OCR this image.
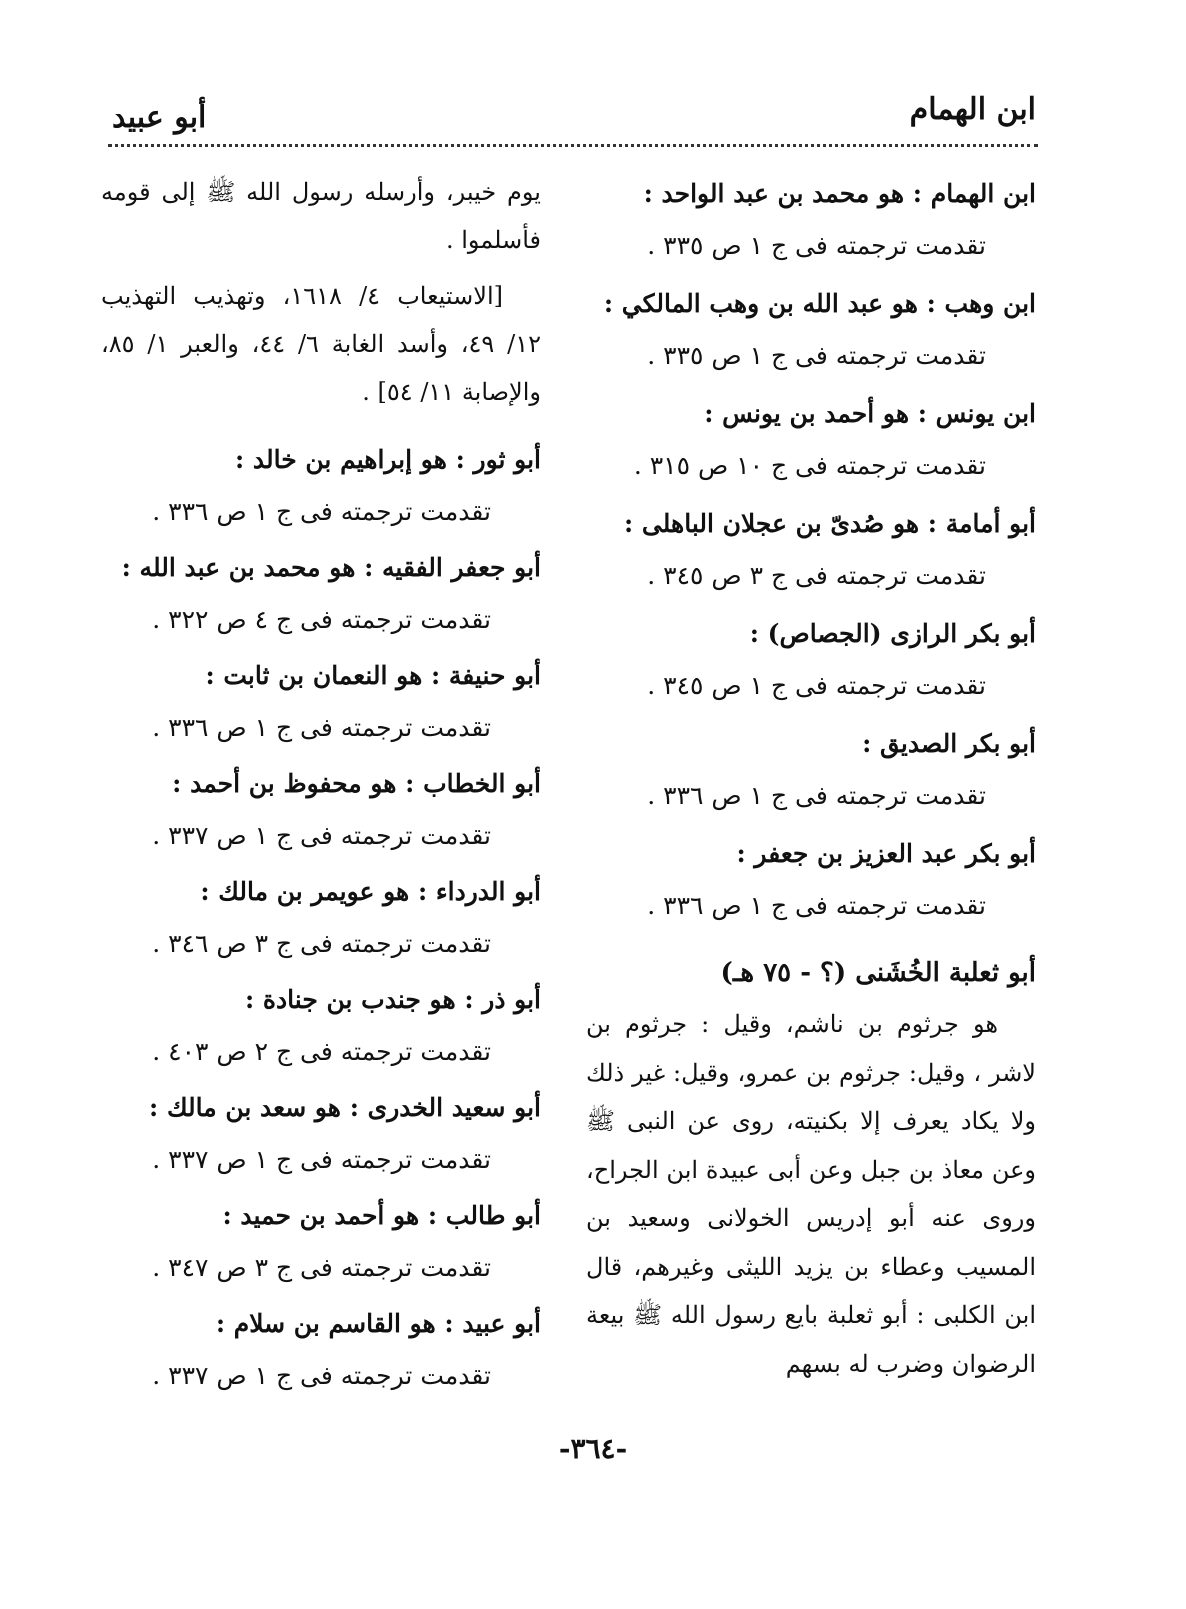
ابن الهمام
أبو عبيد
ابن الهمام : هو محمد بن عبد الواحد :
تقدمت ترجمته فى ج ١ ص ٣٣٥ .
ابن وهب : هو عبد الله بن وهب المالكي :
تقدمت ترجمته فى ج ١ ص ٣٣٥ .
ابن يونس : هو أحمد بن يونس :
تقدمت ترجمته فى ج ١٠ ص ٣١٥ .
أبو أمامة : هو صُدىّ بن عجلان الباهلى :
تقدمت ترجمته فى ج ٣ ص ٣٤٥ .
أبو بكر الرازى (الجصاص) :
تقدمت ترجمته فى ج ١ ص ٣٤٥ .
أبو بكر الصديق :
تقدمت ترجمته فى ج ١ ص ٣٣٦ .
أبو بكر عبد العزيز بن جعفر :
تقدمت ترجمته فى ج ١ ص ٣٣٦ .
أبو ثعلبة الخُشَنى (؟ - ٧٥ هـ)

هو جرثوم بن ناشم، وقيل : جرثوم بن لاشر ، وقيل: جرثوم بن عمرو، وقيل: غير ذلك ولا يكاد يعرف إلا بكنيته، روى عن النبى ﷺ وعن معاذ بن جبل وعن أبى عبيدة ابن الجراح، وروى عنه أبو إدريس الخولانى وسعيد بن المسيب وعطاء بن يزيد الليثى وغيرهم، قال ابن الكلبى : أبو ثعلبة بايع رسول الله ﷺ بيعة الرضوان وضرب له بسهم

يوم خيبر، وأرسله رسول الله ﷺ إلى قومه فأسلموا .

[الاستيعاب ٤/ ١٦١٨، وتهذيب التهذيب ١٢/ ٤٩، وأسد الغابة ٦/ ٤٤، والعبر ١/ ٨٥، والإصابة ١١/ ٥٤] .

أبو ثور : هو إبراهيم بن خالد :
تقدمت ترجمته فى ج ١ ص ٣٣٦ .
أبو جعفر الفقيه : هو محمد بن عبد الله :
تقدمت ترجمته فى ج ٤ ص ٣٢٢ .
أبو حنيفة : هو النعمان بن ثابت :
تقدمت ترجمته فى ج ١ ص ٣٣٦ .
أبو الخطاب : هو محفوظ بن أحمد :
تقدمت ترجمته فى ج ١ ص ٣٣٧ .
أبو الدرداء : هو عويمر بن مالك :
تقدمت ترجمته فى ج ٣ ص ٣٤٦ .
أبو ذر : هو جندب بن جنادة :
تقدمت ترجمته فى ج ٢ ص ٤٠٣ .
أبو سعيد الخدرى : هو سعد بن مالك :
تقدمت ترجمته فى ج ١ ص ٣٣٧ .
أبو طالب : هو أحمد بن حميد :
تقدمت ترجمته فى ج ٣ ص ٣٤٧ .
أبو عبيد : هو القاسم بن سلام :
تقدمت ترجمته فى ج ١ ص ٣٣٧ .
-٣٦٤-
